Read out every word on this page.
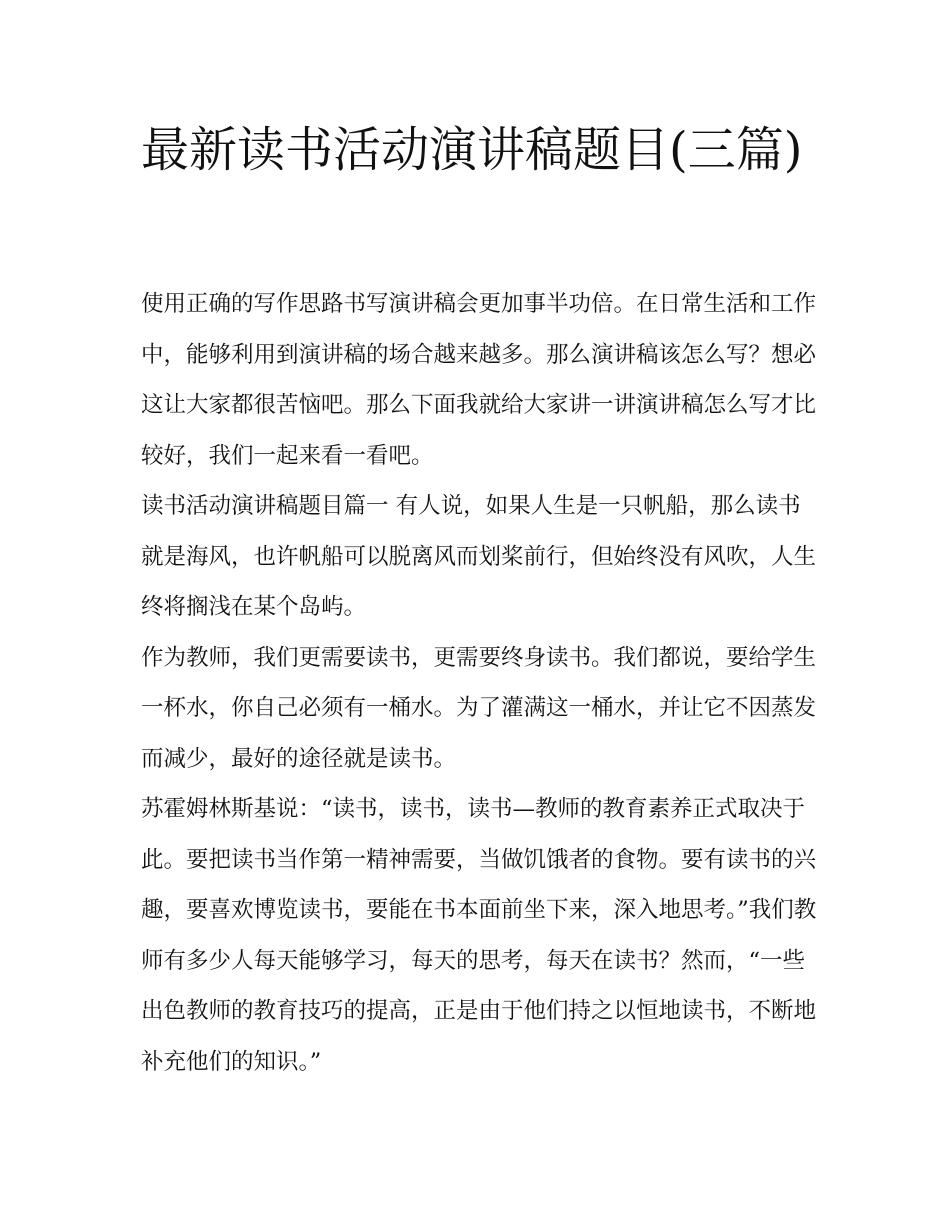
最新读书活动演讲稿题目(三篇)

使用正确的写作思路书写演讲稿会更加事半功倍。在日常生活和工作中，能够利用到演讲稿的场合越来越多。那么演讲稿该怎么写？想必这让大家都很苦恼吧。那么下面我就给大家讲一讲演讲稿怎么写才比较好，我们一起来看一看吧。

读书活动演讲稿题目篇一 有人说，如果人生是一只帆船，那么读书就是海风，也许帆船可以脱离风而划桨前行，但始终没有风吹，人生终将搁浅在某个岛屿。

作为教师，我们更需要读书，更需要终身读书。我们都说，要给学生一杯水，你自己必须有一桶水。为了灌满这一桶水，并让它不因蒸发而减少，最好的途径就是读书。

苏霍姆林斯基说：“读书，读书，读书—教师的教育素养正式取决于此。要把读书当作第一精神需要，当做饥饿者的食物。要有读书的兴趣，要喜欢博览读书，要能在书本面前坐下来，深入地思考。”我们教师有多少人每天能够学习，每天的思考，每天在读书？然而，“一些出色教师的教育技巧的提高，正是由于他们持之以恒地读书，不断地补充他们的知识。”
